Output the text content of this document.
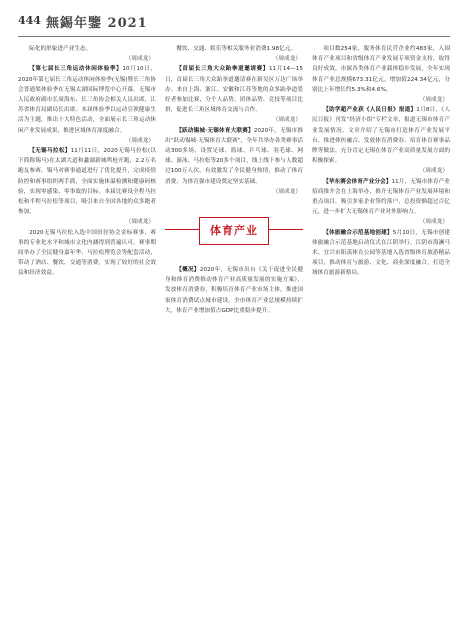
444 無錫年鑒 2021

际化的形象进产业生态。

（周成龙）

【第七届长三角运动休闲体验季】10月10日，2020年第七届长三角运动休闲体验季(无锡)暨长三角协会普通渠体验季在无锡太湖国际博览中心开幕。无锡市人民政府副市长周海东、长三角协会相关人员出席，江苏省体育局副局长出席。本届体验季以运动引领健康生活为主题，推出十大特色活动，全面展示长三角运动休闲产业发展成果，推进区域体育深度融合。

（周成龙）

【无锡马拉松】11月11日，2020无锡马拉松(以下简称锡马)在太湖大道和蠡湖新城鸣枪开跑，2.2万名跑友参赛。锡马对赛事通道进行了优化提升，完成疫情防控和赛事组织两手抓，全面实施体温检测和健康码核验，实现零感染、零事故的目标。本届比赛设全程马拉松和半程马拉松等项目，吸引来自全国各地的众多跑者参加。

（周成龙）

2020无锡马拉松入选中国田径协会金标赛事，赛事的专业化水平和城市文化内涵得到普遍认可。赛事期间举办了全民健身嘉年华、马拉松博览会等配套活动，带动了酒店、餐饮、交通等消费，实现了较好的社会效益和经济效益。

餐饮、交通、娱乐等相关服务业消费1.98亿元。

（周成龙）

【首届长三角大众跆拳道邀请赛】11月14—15日，首届长三角大众跆拳道邀请赛在新吴区万达广场举办。来自上海、浙江、安徽和江苏等地的众多跆拳道爱好者参加比赛，分个人品势、团体品势、竞技等项目比拼，促进长三角区域体育交流与合作。

（周成龙）

【跃动锡城·无锡体育大联赛】2020年，无锡市推出“跃动锡城·无锡体育大联赛”，全年共举办各类赛事活动300多场，设置足球、篮球、乒乓球、羽毛球、网球、游泳、马拉松等20多个项目，线上线下参与人数超过100万人次，有效激发了全民健身热情，推动了体育消费，为体育强市建设奠定坚实基础。

（周成龙）

体育产业

【概况】2020年，无锡市出台《关于促进全民健身和体育消费推动体育产业高质量发展的实施方案》，发放体育消费券，积极培育体育产业市场主体，推进国家体育消费试点城市建设，全市体育产业总规模持续扩大，体育产业增加值占GDP比重稳步提升。

项目数254家，服务体育民营企业约483家，入围体育产业项目和省级体育产业发展专项资金支持，取得良好成效。市属各类体育产业载体稳步发展，全年实现体育产业总规模673.31亿元，增加值224.34亿元，分别比上年增长约5.3%和4.6%。

（周成龙）

【助学超产业获《人民日报》报道】1月8日，《人民日报》刊发“经济小组”专栏文章，报道无锡市体育产业发展情况。文章介绍了无锡市打造体育产业发展平台、推进体医融合、发放体育消费券、培育体育赛事品牌等做法，充分肯定无锡在体育产业高质量发展方面的积极探索。

（周成龙）

【华东赛会体育产业分会】11月，无锡市体育产业招商推介会在上海举办，推介无锡体育产业发展环境和重点项目，吸引多家企业签约落户，总投资额超过百亿元，进一步扩大无锡体育产业对外影响力。

（周成龙）

【体旅融合示范基地创建】5月10日，无锡市创建体旅融合示范基地启动仪式在江阴举行。江阴市海澜马术、宜兴市阳羡体育公园等基地入选省级体育旅游精品项目，推动体育与旅游、文化、商业深度融合，打造全域体育旅游新格局。
